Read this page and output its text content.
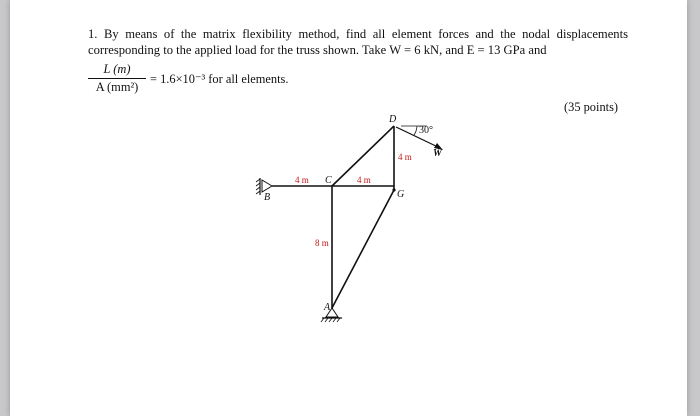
1. By means of the matrix flexibility method, find all element forces and the nodal displacements corresponding to the applied load for the truss shown. Take W = 6 kN, and E = 13 GPa and
L (m)
A (mm²)
= 1.6×10⁻³ for all elements.
(35 points)
D
C
G
B
A
30°
W
4 m	4 m
4 m
8 m
